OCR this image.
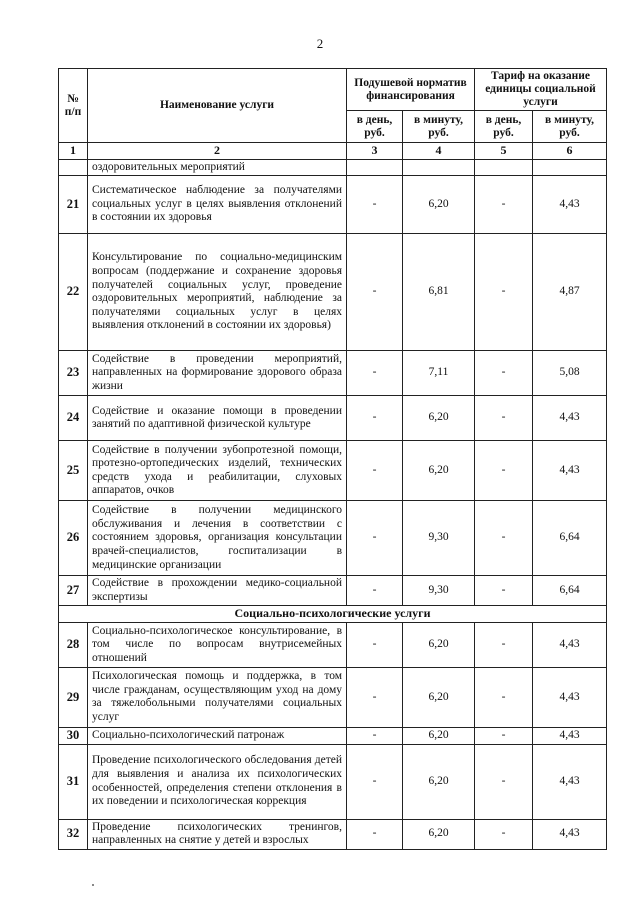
2
№
п/п	Наименование услуги	Подушевой норматив финансирования		Тариф на оказание единицы социальной услуги	
		в день, руб.	в минуту, руб.	в день, руб.	в минуту, руб.
1	2	3	4	5	6
	оздоровительных мероприятий				
21	Систематическое наблюдение за получателями социальных услуг в целях выявления отклонений в состоянии их здоровья	-	6,20	-	4,43
22	Консультирование по социально-медицинским вопросам (поддержание и сохранение здоровья получателей социальных услуг, проведение оздоровительных мероприятий, наблюдение за получателями социальных услуг в целях выявления отклонений в состоянии их здоровья)	-	6,81	-	4,87
23	Содействие в проведении мероприятий, направленных на формирование здорового образа жизни	-	7,11	-	5,08
24	Содействие и оказание помощи в проведении занятий по адаптивной физической культуре	-	6,20	-	4,43
25	Содействие в получении зубопротезной помощи, протезно-ортопедических изделий, технических средств ухода и реабилитации, слуховых аппаратов, очков	-	6,20	-	4,43
26	Содействие в получении медицинского обслуживания и лечения в соответствии с состоянием здоровья, организация консультации врачей-специалистов, госпитализации в медицинские организации	-	9,30	-	6,64
27	Содействие в прохождении медико-социальной экспертизы	-	9,30	-	6,64
Социально-психологические услуги					
28	Социально-психологическое консультирование, в том числе по вопросам внутрисемейных отношений	-	6,20	-	4,43
29	Психологическая помощь и поддержка, в том числе гражданам, осуществляющим уход на дому за тяжелобольными получателями социальных услуг	-	6,20	-	4,43
30	Социально-психологический патронаж	-	6,20	-	4,43
31	Проведение психологического обследования детей для выявления и анализа их психологических особенностей, определения степени отклонения в их поведении и психологическая коррекция	-	6,20	-	4,43
32	Проведение психологических тренингов, направленных на снятие у детей и взрослых	-	6,20	-	4,43
